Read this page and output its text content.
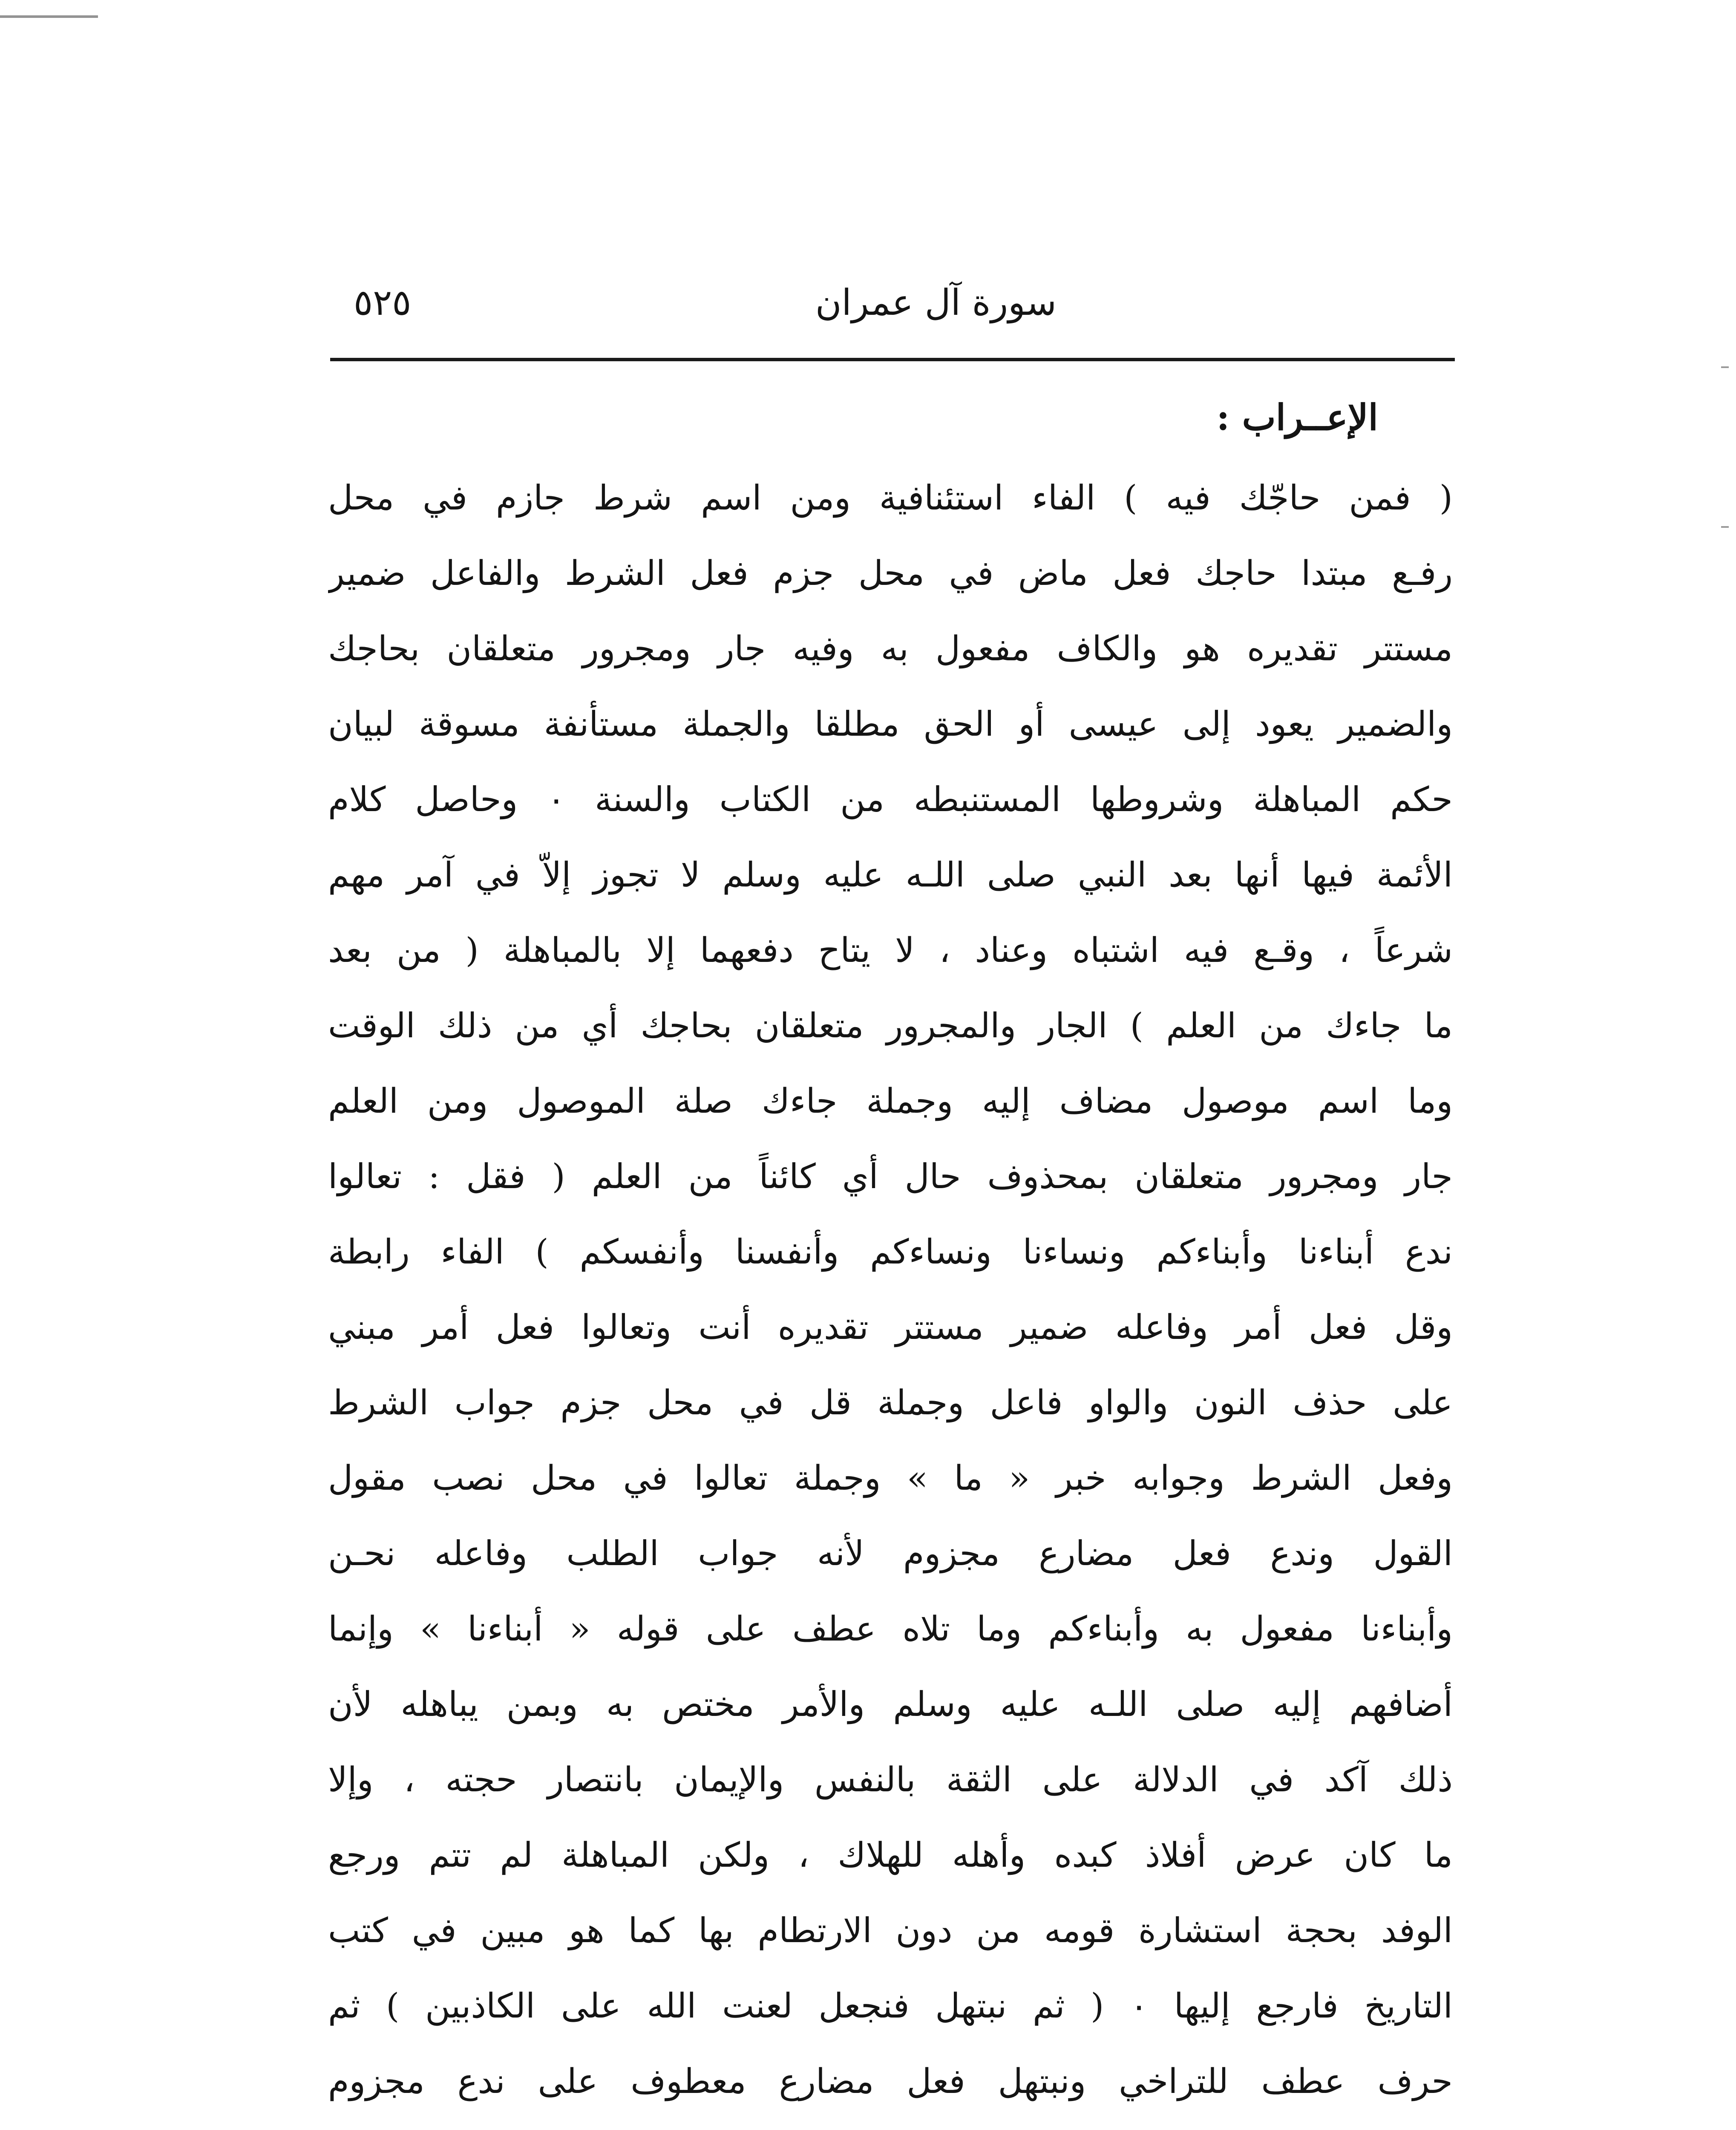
سورة آل عمران
٥٢٥
الإعــراب :
( فمن حاجّك فيه ) الفاء استئنافية ومن اسم شرط جازم في محل
رفـع مبتدا حاجك فعل ماض في محل جزم فعل الشرط والفاعل ضمير
مستتر تقديره هو والكاف مفعول به وفيه جار ومجرور متعلقان بحاجك
والضمير يعود إلى عيسى أو الحق مطلقا والجملة مستأنفة مسوقة لبيان
حكم المباهلة وشروطها المستنبطه من الكتاب والسنة ٠ وحاصل كلام
الأئمة فيها أنها بعد النبي صلى اللـه عليه وسلم لا تجوز إلاّ في آمر مهم
شرعاً ، وقـع فيه اشتباه وعناد ، لا يتاح دفعهما إلا بالمباهلة ( من بعد
ما جاءك من العلم ) الجار والمجرور متعلقان بحاجك أي من ذلك الوقت
وما اسم موصول مضاف إليه وجملة جاءك صلة الموصول ومن العلم
جار ومجرور متعلقان بمحذوف حال أي كائناً من العلم ( فقل : تعالوا
ندع أبناءنا وأبناءكم ونساءنا ونساءكم وأنفسنا وأنفسكم ) الفاء رابطة
وقل فعل أمر وفاعله ضمير مستتر تقديره أنت وتعالوا فعل أمر مبني
على حذف النون والواو فاعل وجملة قل في محل جزم جواب الشرط
وفعل الشرط وجوابه خبر « ما » وجملة تعالوا في محل نصب مقول
القول وندع فعل مضارع مجزوم لأنه جواب الطلب وفاعله نحـن
وأبناءنا مفعول به وأبناءكم وما تلاه عطف على قوله « أبناءنا » وإنما
أضافهم إليه صلى اللـه عليه وسلم والأمر مختص به وبمن يباهله لأن
ذلك آكد في الدلالة على الثقة بالنفس والإيمان بانتصار حجته ، وإلا
ما كان عرض أفلاذ كبده وأهله للهلاك ، ولكن المباهلة لم تتم ورجع
الوفد بحجة استشارة قومه من دون الارتطام بها كما هو مبين في كتب
التاريخ فارجع إليها ٠ ( ثم نبتهل فنجعل لعنت الله على الكاذبين ) ثم
حرف عطف للتراخي ونبتهل فعل مضارع معطوف على ندع مجزوم
